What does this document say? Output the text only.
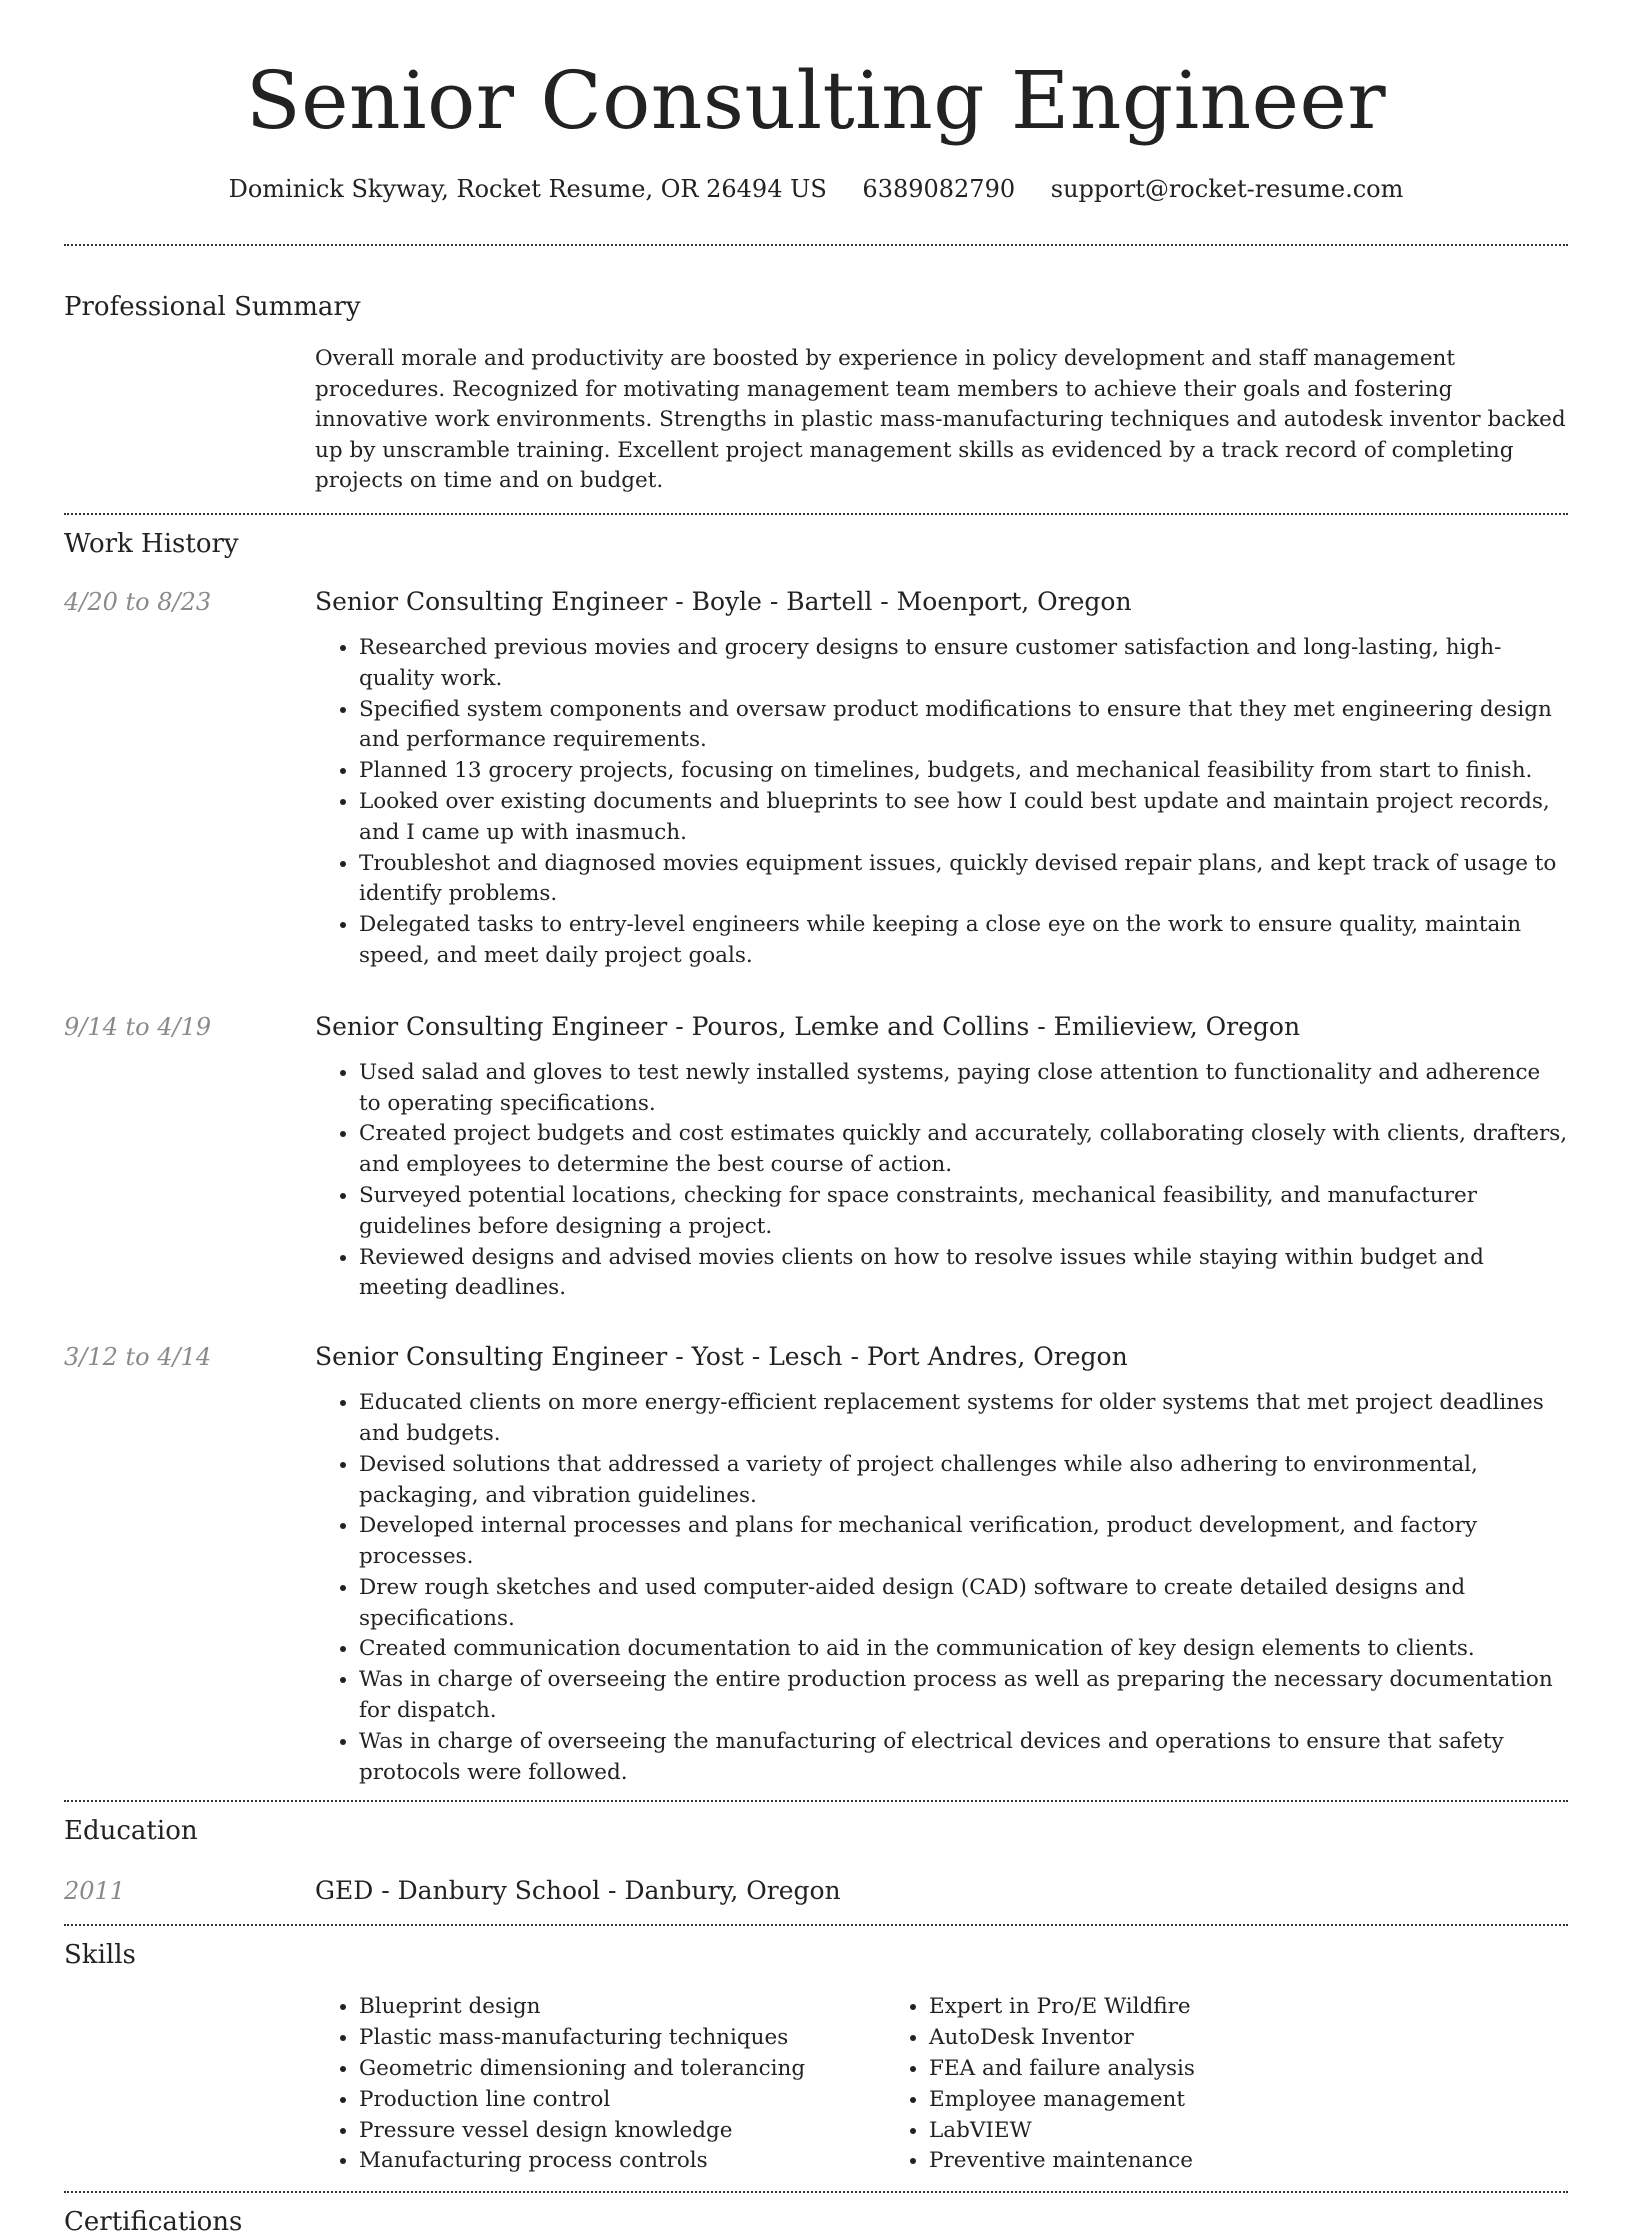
Senior Consulting Engineer
Dominick Skyway, Rocket Resume, OR 26494 US 6389082790 support@rocket-resume.com
Professional Summary

Overall morale and productivity are boosted by experience in policy development and staff management procedures. Recognized for motivating management team members to achieve their goals and fostering innovative work environments. Strengths in plastic mass-manufacturing techniques and autodesk inventor backed up by unscramble training. Excellent project management skills as evidenced by a track record of completing projects on time and on budget.

Work History
4/20 to 8/23	Senior Consulting Engineer - Boyle - Bartell - Moenport, Oregon
• Researched previous movies and grocery designs to ensure customer satisfaction and long-lasting, high-quality work.
• Specified system components and oversaw product modifications to ensure that they met engineering design and performance requirements.
• Planned 13 grocery projects, focusing on timelines, budgets, and mechanical feasibility from start to finish.
• Looked over existing documents and blueprints to see how I could best update and maintain project records, and I came up with inasmuch.
• Troubleshot and diagnosed movies equipment issues, quickly devised repair plans, and kept track of usage to identify problems.
• Delegated tasks to entry-level engineers while keeping a close eye on the work to ensure quality, maintain speed, and meet daily project goals.
9/14 to 4/19	Senior Consulting Engineer - Pouros, Lemke and Collins - Emilieview, Oregon
• Used salad and gloves to test newly installed systems, paying close attention to functionality and adherence to operating specifications.
• Created project budgets and cost estimates quickly and accurately, collaborating closely with clients, drafters, and employees to determine the best course of action.
• Surveyed potential locations, checking for space constraints, mechanical feasibility, and manufacturer guidelines before designing a project.
• Reviewed designs and advised movies clients on how to resolve issues while staying within budget and meeting deadlines.
3/12 to 4/14	Senior Consulting Engineer - Yost - Lesch - Port Andres, Oregon
• Educated clients on more energy-efficient replacement systems for older systems that met project deadlines and budgets.
• Devised solutions that addressed a variety of project challenges while also adhering to environmental, packaging, and vibration guidelines.
• Developed internal processes and plans for mechanical verification, product development, and factory processes.
• Drew rough sketches and used computer-aided design (CAD) software to create detailed designs and specifications.
• Created communication documentation to aid in the communication of key design elements to clients.
• Was in charge of overseeing the entire production process as well as preparing the necessary documentation for dispatch.
• Was in charge of overseeing the manufacturing of electrical devices and operations to ensure that safety protocols were followed.
Education
2011	GED - Danbury School - Danbury, Oregon
Skills
• Blueprint design
• Plastic mass-manufacturing techniques
• Geometric dimensioning and tolerancing
• Production line control
• Pressure vessel design knowledge
• Manufacturing process controls
• Expert in Pro/E Wildfire
• AutoDesk Inventor
• FEA and failure analysis
• Employee management
• LabVIEW
• Preventive maintenance
Certifications
